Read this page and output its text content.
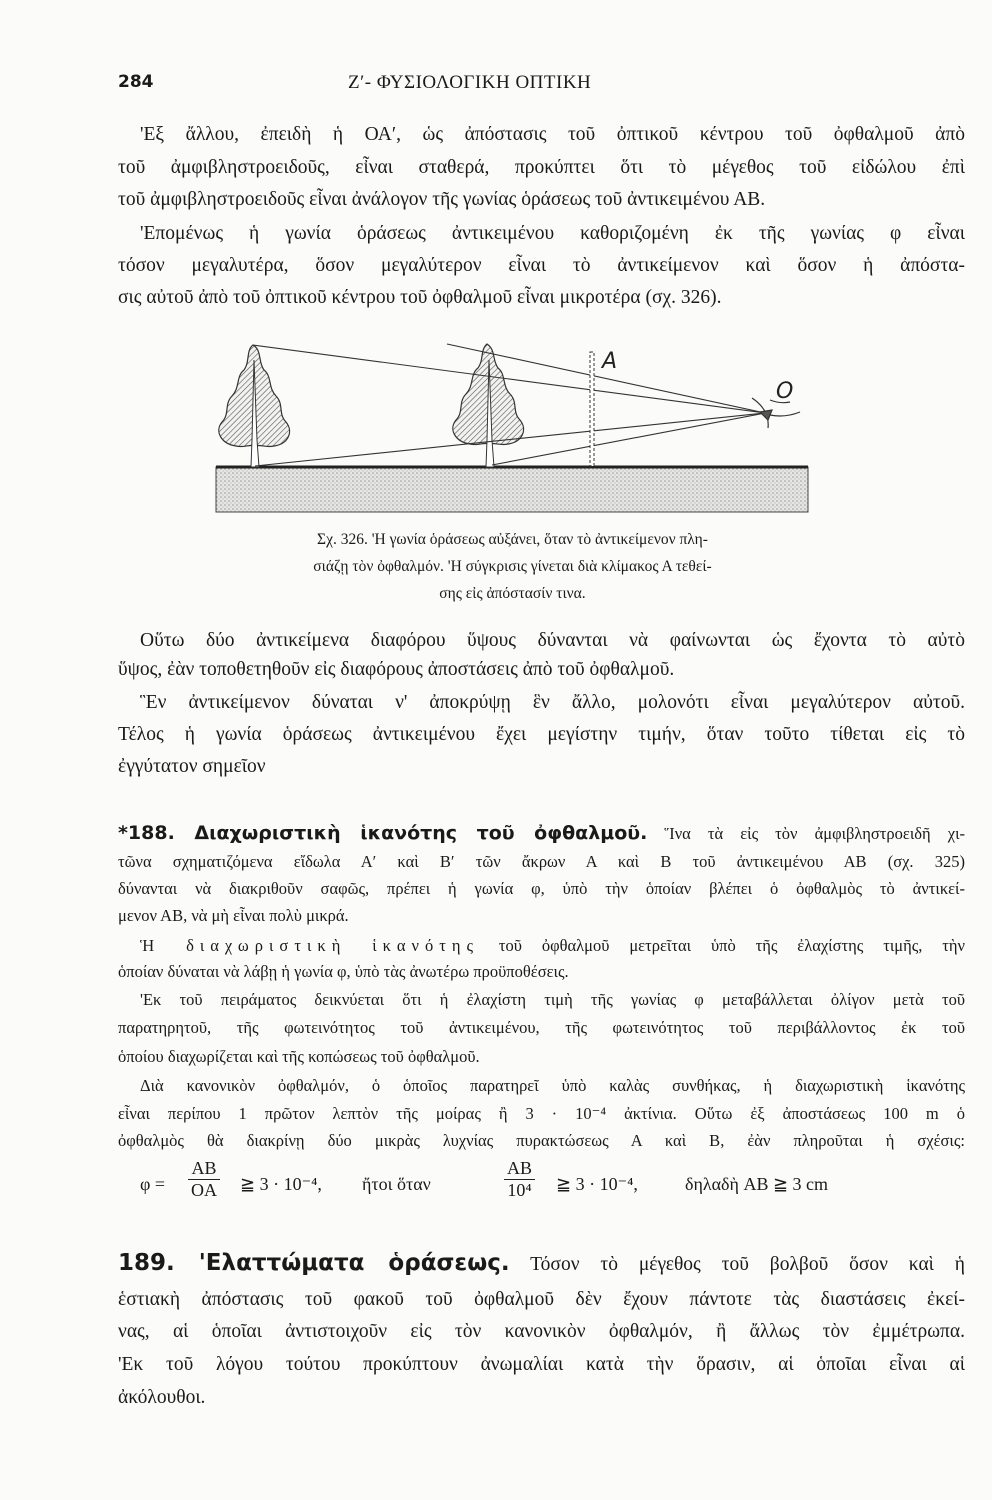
284	Ζ′- ΦΥΣΙΟΛΟΓΙΚΗ ΟΠΤΙΚΗ
'Εξ ἄλλου, ἐπειδὴ ἡ ΟΑ′, ὡς ἀπόστασις τοῦ ὀπτικοῦ κέντρου τοῦ ὀφθαλμοῦ ἀπὸ
τοῦ ἀμφιβληστροειδοῦς, εἶναι σταθερά, προκύπτει ὅτι τὸ μέγεθος τοῦ εἰδώλου ἐπὶ
τοῦ ἀμφιβληστροειδοῦς εἶναι ἀνάλογον τῆς γωνίας ὁράσεως τοῦ ἀντικειμένου ΑΒ.
'Επομένως ἡ γωνία ὁράσεως ἀντικειμένου καθοριζομένη ἐκ τῆς γωνίας φ εἶναι
τόσον μεγαλυτέρα, ὅσον μεγαλύτερον εἶναι τὸ ἀντικείμενον καὶ ὅσον ἡ ἀπόστα-
σις αὐτοῦ ἀπὸ τοῦ ὀπτικοῦ κέντρου τοῦ ὀφθαλμοῦ εἶναι μικροτέρα (σχ. 326).
Σχ. 326. 'Η γωνία ὁράσεως αὐξάνει, ὅταν τὸ ἀντικείμενον πλη-
σιάζῃ τὸν ὀφθαλμόν. 'Η σύγκρισις γίνεται διὰ κλίμακος Α τεθεί-
σης εἰς ἀπόστασίν τινα.
Οὕτω δύο ἀντικείμενα διαφόρου ὕψους δύνανται νὰ φαίνωνται ὡς ἔχοντα τὸ αὐτὸ
ὕψος, ἐὰν τοποθετηθοῦν εἰς διαφόρους ἀποστάσεις ἀπὸ τοῦ ὀφθαλμοῦ.
Ἓν ἀντικείμενον δύναται ν' ἀποκρύψῃ ἓν ἄλλο, μολονότι εἶναι μεγαλύτερον αὐτοῦ.
Τέλος ἡ γωνία ὁράσεως ἀντικειμένου ἔχει μεγίστην τιμήν, ὅταν τοῦτο τίθεται εἰς τὸ
ἐγγύτατον σημεῖον
*188. Διαχωριστικὴ ἱκανότης τοῦ ὀφθαλμοῦ. Ἵνα τὰ εἰς τὸν ἀμφιβληστροειδῆ χι-
τῶνα σχηματιζόμενα εἴδωλα Α′ καὶ Β′ τῶν ἄκρων Α καὶ Β τοῦ ἀντικειμένου ΑΒ (σχ. 325)
δύνανται νὰ διακριθοῦν σαφῶς, πρέπει ἡ γωνία φ, ὑπὸ τὴν ὁποίαν βλέπει ὁ ὀφθαλμὸς τὸ ἀντικεί-
μενον ΑΒ, νὰ μὴ εἶναι πολὺ μικρά.
Ἡ διαχωριστικὴ ἱκανότης τοῦ ὀφθαλμοῦ μετρεῖται ὑπὸ τῆς ἐλαχίστης τιμῆς, τὴν
ὁποίαν δύναται νὰ λάβῃ ἡ γωνία φ, ὑπὸ τὰς ἀνωτέρω προϋποθέσεις.
'Εκ τοῦ πειράματος δεικνύεται ὅτι ἡ ἐλαχίστη τιμὴ τῆς γωνίας φ μεταβάλλεται ὀλίγον μετὰ τοῦ
παρατηρητοῦ, τῆς φωτεινότητος τοῦ ἀντικειμένου, τῆς φωτεινότητος τοῦ περιβάλλοντος ἐκ τοῦ
ὁποίου διαχωρίζεται καὶ τῆς κοπώσεως τοῦ ὀφθαλμοῦ.
Διὰ κανονικὸν ὀφθαλμόν, ὁ ὁποῖος παρατηρεῖ ὑπὸ καλὰς συνθήκας, ἡ διαχωριστικὴ ἱκανότης
εἶναι περίπου 1 πρῶτον λεπτὸν τῆς μοίρας ἢ 3 · 10⁻⁴ ἀκτίνια. Οὕτω ἐξ ἀποστάσεως 100 m ὁ
ὀφθαλμὸς θὰ διακρίνῃ δύο μικρὰς λυχνίας πυρακτώσεως Α καὶ Β, ἐὰν πληροῦται ἡ σχέσις:
189. 'Ελαττώματα ὁράσεως. Τόσον τὸ μέγεθος τοῦ βολβοῦ ὅσον καὶ ἡ
ἑστιακὴ ἀπόστασις τοῦ φακοῦ τοῦ ὀφθαλμοῦ δὲν ἔχουν πάντοτε τὰς διαστάσεις ἐκεί-
νας, αἱ ὁποῖαι ἀντιστοιχοῦν εἰς τὸν κανονικὸν ὀφθαλμόν, ἢ ἄλλως τὸν ἐμμέτρωπα.
'Εκ τοῦ λόγου τούτου προκύπτουν ἀνωμαλίαι κατὰ τὴν ὅρασιν, αἱ ὁποῖαι εἶναι αἱ
ἀκόλουθοι.
A
O
$\varphi = \frac{AB}{OA}$ ≧ 3 · 10⁻⁴, ἤτοι ὅταν	$\frac{AB}{\text{10⁴}}$ ≧ 3 · 10⁻⁴,	δηλαδὴ AB ≧ 3 cm
